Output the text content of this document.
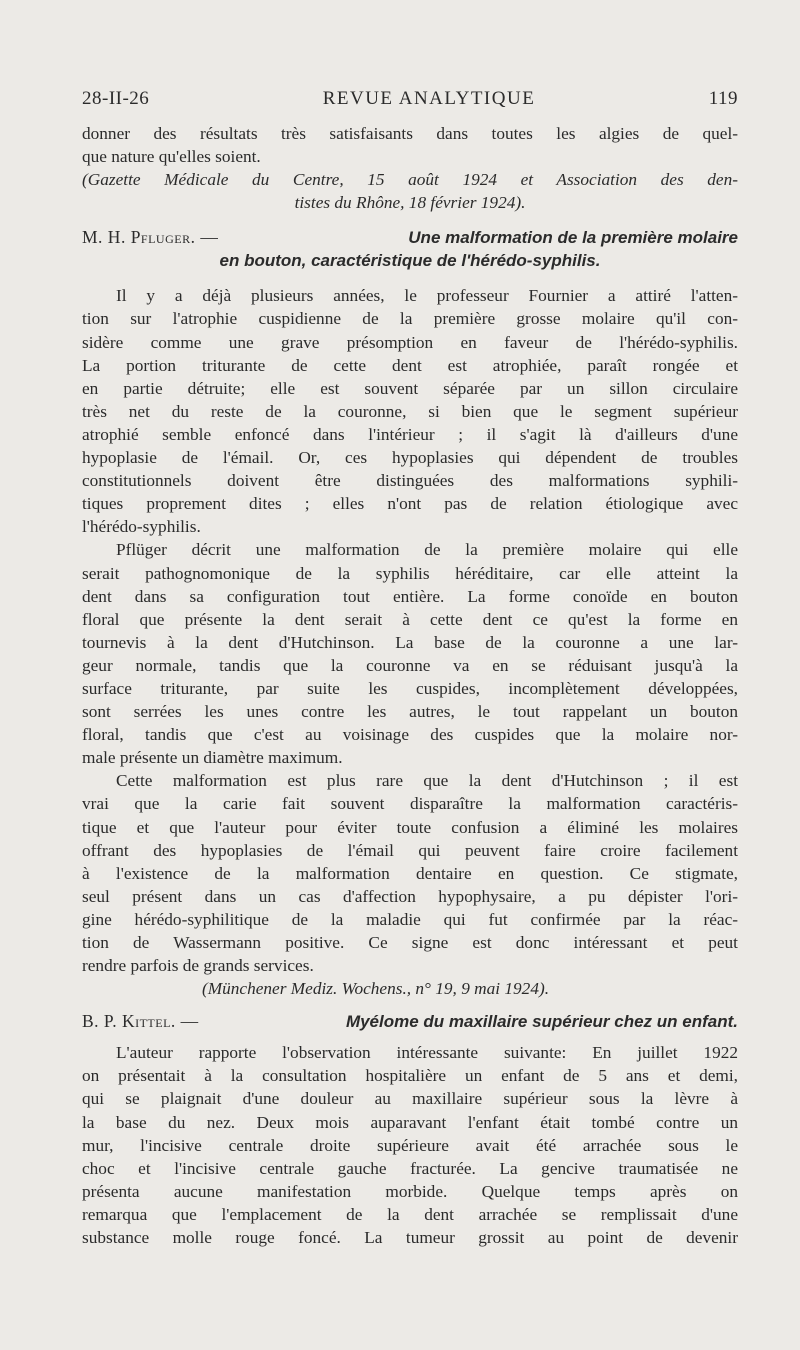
28-II-26	REVUE ANALYTIQUE	119
donner des résultats très satisfaisants dans toutes les algies de quel-
que nature qu'elles soient.
(Gazette Médicale du Centre, 15 août 1924 et Association des den-
tistes du Rhône, 18 février 1924).
M. H. Pfluger. —	Une malformation de la première molaire
en bouton, caractéristique de l'hérédo-syphilis.
Il y a déjà plusieurs années, le professeur Fournier a attiré l'atten-
tion sur l'atrophie cuspidienne de la première grosse molaire qu'il con-
sidère comme une grave présomption en faveur de l'hérédo-syphilis.
La portion triturante de cette dent est atrophiée, paraît rongée et
en partie détruite; elle est souvent séparée par un sillon circulaire
très net du reste de la couronne, si bien que le segment supérieur
atrophié semble enfoncé dans l'intérieur ; il s'agit là d'ailleurs d'une
hypoplasie de l'émail. Or, ces hypoplasies qui dépendent de troubles
constitutionnels doivent être distinguées des malformations syphili-
tiques proprement dites ; elles n'ont pas de relation étiologique avec
l'hérédo-syphilis.
Pflüger décrit une malformation de la première molaire qui elle
serait pathognomonique de la syphilis héréditaire, car elle atteint la
dent dans sa configuration tout entière. La forme conoïde en bouton
floral que présente la dent serait à cette dent ce qu'est la forme en
tournevis à la dent d'Hutchinson. La base de la couronne a une lar-
geur normale, tandis que la couronne va en se réduisant jusqu'à la
surface triturante, par suite les cuspides, incomplètement développées,
sont serrées les unes contre les autres, le tout rappelant un bouton
floral, tandis que c'est au voisinage des cuspides que la molaire nor-
male présente un diamètre maximum.
Cette malformation est plus rare que la dent d'Hutchinson ; il est
vrai que la carie fait souvent disparaître la malformation caractéris-
tique et que l'auteur pour éviter toute confusion a éliminé les molaires
offrant des hypoplasies de l'émail qui peuvent faire croire facilement
à l'existence de la malformation dentaire en question. Ce stigmate,
seul présent dans un cas d'affection hypophysaire, a pu dépister l'ori-
gine hérédo-syphilitique de la maladie qui fut confirmée par la réac-
tion de Wassermann positive. Ce signe est donc intéressant et peut
rendre parfois de grands services.
(Münchener Mediz. Wochens., n° 19, 9 mai 1924).
B. P. Kittel. —	Myélome du maxillaire supérieur chez un enfant.
L'auteur rapporte l'observation intéressante suivante: En juillet 1922
on présentait à la consultation hospitalière un enfant de 5 ans et demi,
qui se plaignait d'une douleur au maxillaire supérieur sous la lèvre à
la base du nez. Deux mois auparavant l'enfant était tombé contre un
mur, l'incisive centrale droite supérieure avait été arrachée sous le
choc et l'incisive centrale gauche fracturée. La gencive traumatisée ne
présenta aucune manifestation morbide. Quelque temps après on
remarqua que l'emplacement de la dent arrachée se remplissait d'une
substance molle rouge foncé. La tumeur grossit au point de devenir
